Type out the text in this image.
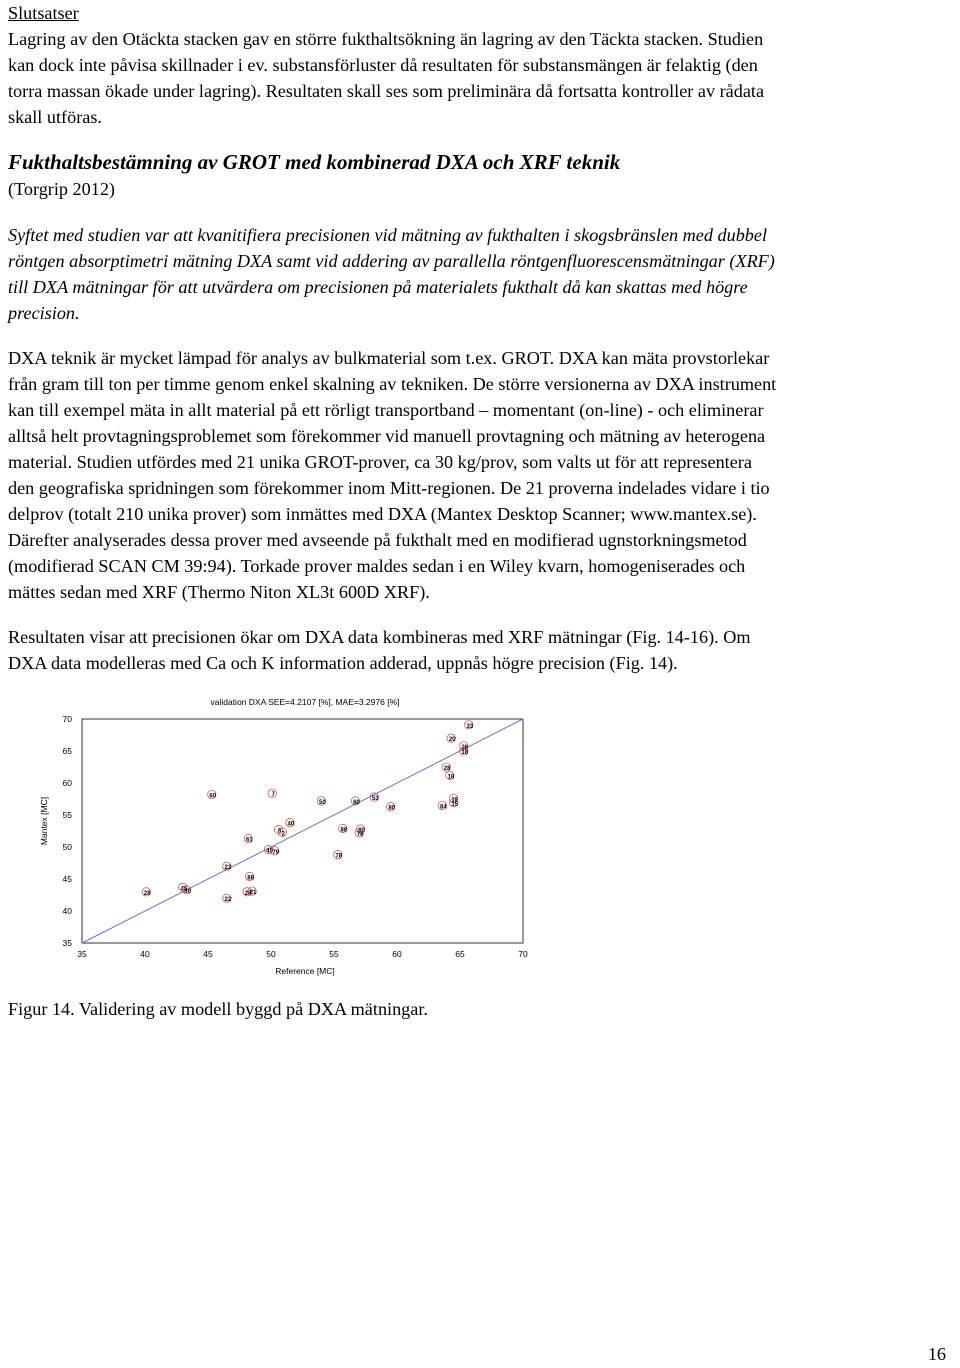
Slutsatser
Lagring av den Otäckta stacken gav en större fukthaltsökning än lagring av den Täckta stacken. Studien
kan dock inte påvisa skillnader i ev. substansförluster då resultaten för substansmängen är felaktig (den
torra massan ökade under lagring). Resultaten skall ses som preliminära då fortsatta kontroller av rådata
skall utföras.
Fukthaltsbestämning av GROT med kombinerad DXA och XRF teknik
(Torgrip 2012)
Syftet med studien var att kvanitifiera precisionen vid mätning av fukthalten i skogsbränslen med dubbel
röntgen absorptimetri mätning DXA samt vid addering av parallella röntgenfluorescensmätningar (XRF)
till DXA mätningar för att utvärdera om precisionen på materialets fukthalt då kan skattas med högre
precision.
DXA teknik är mycket lämpad för analys av bulkmaterial som t.ex. GROT. DXA kan mäta provstorlekar
från gram till ton per timme genom enkel skalning av tekniken. De större versionerna av DXA instrument
kan till exempel mäta in allt material på ett rörligt transportband – momentant (on-line) - och eliminerar
alltså helt provtagningsproblemet som förekommer vid manuell provtagning och mätning av heterogena
material. Studien utfördes med 21 unika GROT-prover, ca 30 kg/prov, som valts ut för att representera
den geografiska spridningen som förekommer inom Mitt-regionen. De 21 proverna indelades vidare i tio
delprov (totalt 210 unika prover) som inmättes med DXA (Mantex Desktop Scanner; www.mantex.se).
Därefter analyserades dessa prover med avseende på fukthalt med en modifierad ugnstorkningsmetod
(modifierad SCAN CM 39:94). Torkade prover maldes sedan i en Wiley kvarn, homogeniserades och
mättes sedan med XRF (Thermo Niton XL3t 600D XRF).
Resultaten visar att precisionen ökar om DXA data kombineras med XRF mätningar (Fig. 14-16). Om
DXA data modelleras med Ca och K information adderad, uppnås högre precision (Fig. 14).
validation DXA SEE=4.2107 [%], MAE=3.2976 [%]
35
40
45
50
55
60
65
70
35	40	45	50	55	60	65	70
28
45
30
22
23
28
21
88
61
45 79
8 2
40
60	7
50
78
88 80
76
60
53
80	84
16
15
28
18
20
36
18
33
Reference [MC]
Mantex [MC]
Figur 14. Validering av modell byggd på DXA mätningar.
16
